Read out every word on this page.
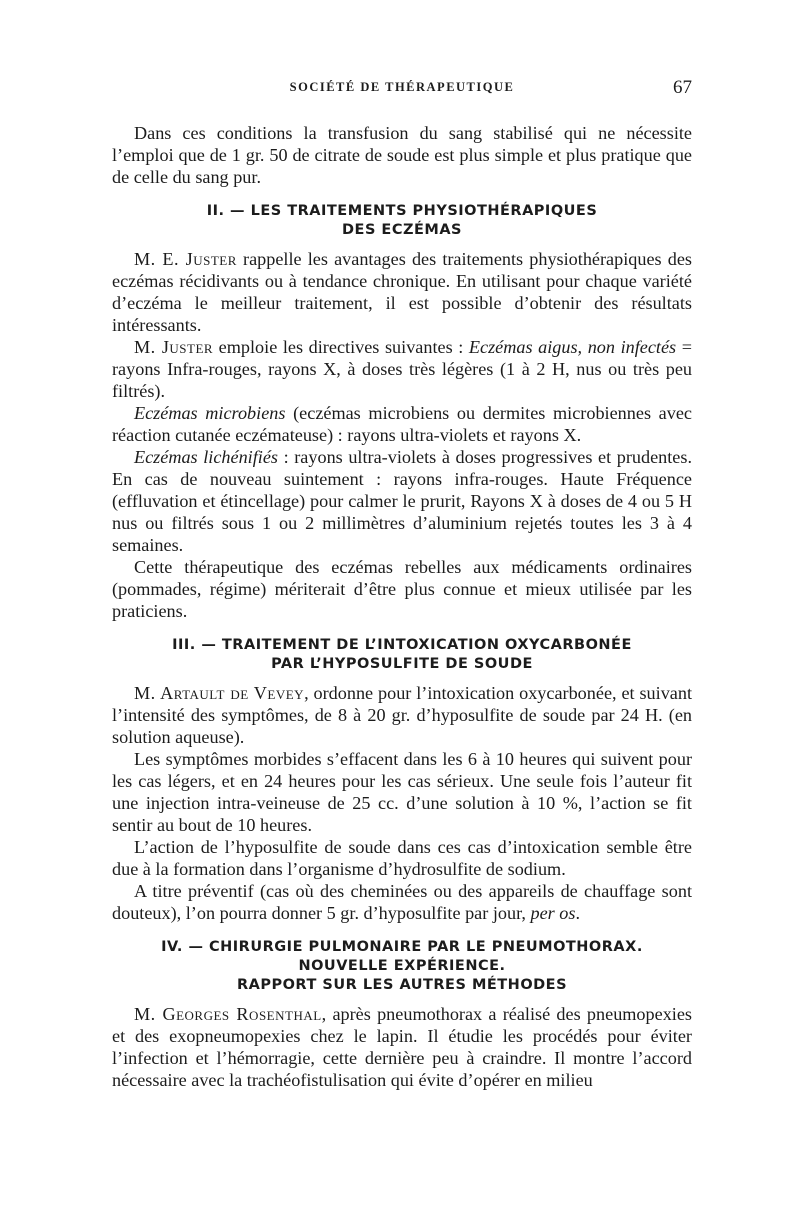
SOCIÉTÉ DE THÉRAPEUTIQUE	67

Dans ces conditions la transfusion du sang stabilisé qui ne nécessite l’emploi que de 1 gr. 50 de citrate de soude est plus simple et plus pratique que de celle du sang pur.

II. — LES TRAITEMENTS PHYSIOTHÉRAPIQUES
DES ECZÉMAS

M. E. Juster rappelle les avantages des traitements physiothérapiques des eczémas récidivants ou à tendance chronique. En utilisant pour chaque variété d’eczéma le meilleur traitement, il est possible d’obtenir des résultats intéressants.

M. Juster emploie les directives suivantes : Eczémas aigus, non infectés = rayons Infra-rouges, rayons X, à doses très légères (1 à 2 H, nus ou très peu filtrés).

Eczémas microbiens (eczémas microbiens ou dermites microbiennes avec réaction cutanée eczémateuse) : rayons ultra-violets et rayons X.

Eczémas lichénifiés : rayons ultra-violets à doses progressives et prudentes. En cas de nouveau suintement : rayons infra-rouges. Haute Fréquence (effluvation et étincellage) pour calmer le prurit, Rayons X à doses de 4 ou 5 H nus ou filtrés sous 1 ou 2 millimètres d’aluminium rejetés toutes les 3 à 4 semaines.

Cette thérapeutique des eczémas rebelles aux médicaments ordinaires (pommades, régime) mériterait d’être plus connue et mieux utilisée par les praticiens.

III. — TRAITEMENT DE L’INTOXICATION OXYCARBONÉE
PAR L’HYPOSULFITE DE SOUDE

M. Artault de Vevey, ordonne pour l’intoxication oxycarbonée, et suivant l’intensité des symptômes, de 8 à 20 gr. d’hyposulfite de soude par 24 H. (en solution aqueuse).

Les symptômes morbides s’effacent dans les 6 à 10 heures qui suivent pour les cas légers, et en 24 heures pour les cas sérieux. Une seule fois l’auteur fit une injection intra-veineuse de 25 cc. d’une solution à 10 %, l’action se fit sentir au bout de 10 heures.

L’action de l’hyposulfite de soude dans ces cas d’intoxication semble être due à la formation dans l’organisme d’hydrosulfite de sodium.

A titre préventif (cas où des cheminées ou des appareils de chauffage sont douteux), l’on pourra donner 5 gr. d’hyposulfite par jour, per os.

IV. — CHIRURGIE PULMONAIRE PAR LE PNEUMOTHORAX.
NOUVELLE EXPÉRIENCE.
RAPPORT SUR LES AUTRES MÉTHODES

M. Georges Rosenthal, après pneumothorax a réalisé des pneumopexies et des exopneumopexies chez le lapin. Il étudie les procédés pour éviter l’infection et l’hémorragie, cette dernière peu à craindre. Il montre l’accord nécessaire avec la trachéofistulisation qui évite d’opérer en milieu
